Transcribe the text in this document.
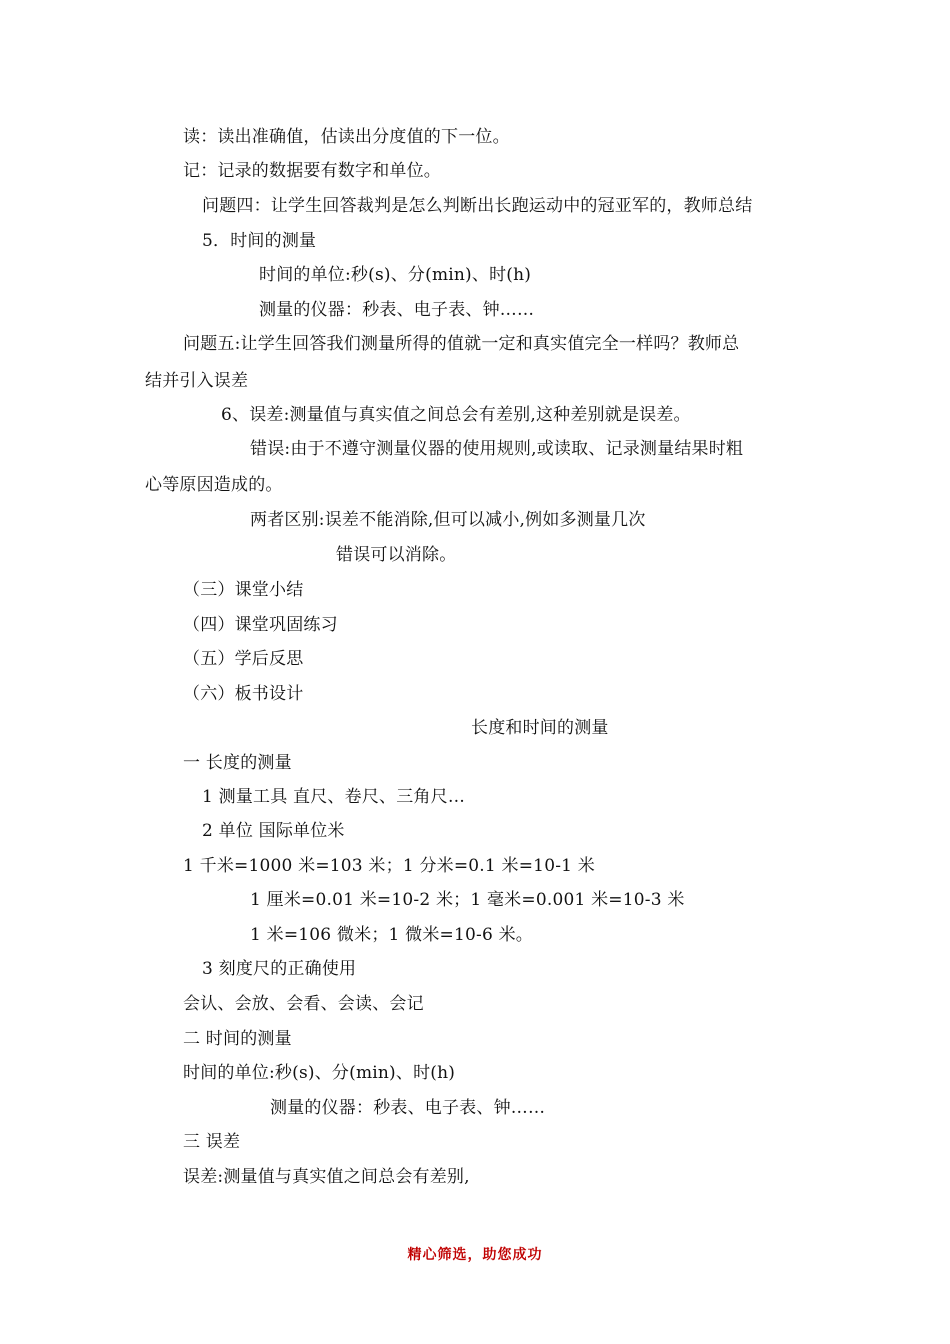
读：读出准确值，估读出分度值的下一位。
记：记录的数据要有数字和单位。
问题四：让学生回答裁判是怎么判断出长跑运动中的冠亚军的，教师总结
5．时间的测量
时间的单位:秒(s)、分(min)、时(h)
测量的仪器：秒表、电子表、钟……
问题五:让学生回答我们测量所得的值就一定和真实值完全一样吗？教师总
结并引入误差
6、误差:测量值与真实值之间总会有差别,这种差别就是误差。
错误:由于不遵守测量仪器的使用规则,或读取、记录测量结果时粗
心等原因造成的。
两者区别:误差不能消除,但可以减小,例如多测量几次
错误可以消除。
（三）课堂小结
（四）课堂巩固练习
（五）学后反思
（六）板书设计
长度和时间的测量
一 长度的测量
1 测量工具 直尺、卷尺、三角尺…
2 单位 国际单位米
1 千米=1000 米=103 米；1 分米=0.1 米=10-1 米
1 厘米=0.01 米=10-2 米；1 毫米=0.001 米=10-3 米
1 米=106 微米；1 微米=10-6 米。
3 刻度尺的正确使用
会认、会放、会看、会读、会记
二 时间的测量
时间的单位:秒(s)、分(min)、时(h)
测量的仪器：秒表、电子表、钟……
三 误差
误差:测量值与真实值之间总会有差别,
精心筛选，助您成功
